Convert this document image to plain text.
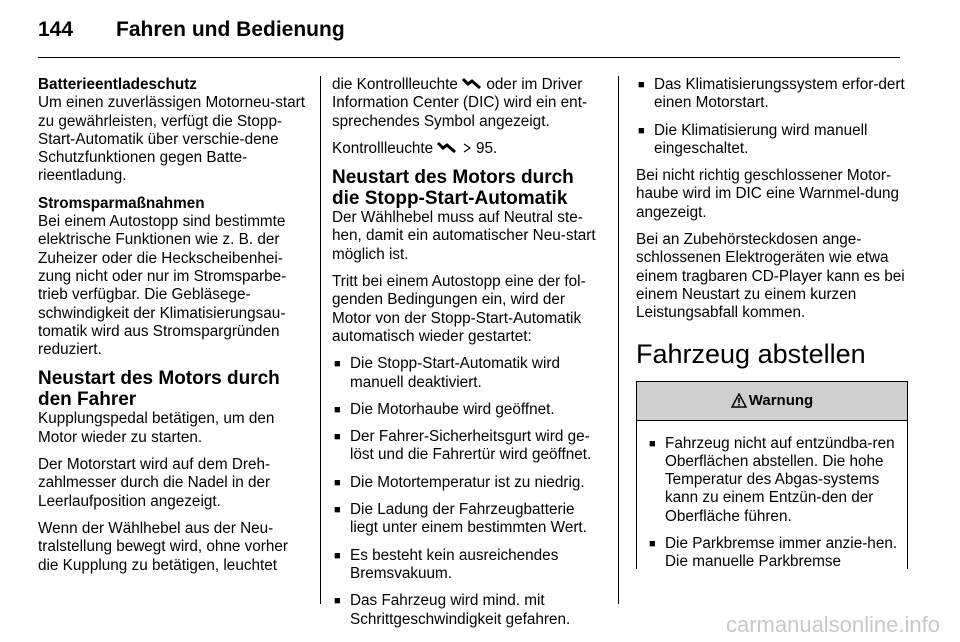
144 Fahren und Bedienung
Batterieentladeschutz

Um einen zuverlässigen Motorneu-start zu gewährleisten, verfügt die Stopp-Start-Automatik über verschie-dene Schutzfunktionen gegen Batte-rieentladung.

Stromsparmaßnahmen

Bei einem Autostopp sind bestimmte elektrische Funktionen wie z. B. der Zuheizer oder die Heckscheibenhei-zung nicht oder nur im Stromsparbe-trieb verfügbar. Die Gebläsege-schwindigkeit der Klimatisierungsau-tomatik wird aus Stromspargründen reduziert.

Neustart des Motors durch den Fahrer

Kupplungspedal betätigen, um den Motor wieder zu starten.

Der Motorstart wird auf dem Dreh-zahlmesser durch die Nadel in der Leerlaufposition angezeigt.

Wenn der Wählhebel aus der Neu-tralstellung bewegt wird, ohne vorher die Kupplung zu betätigen, leuchtet

die Kontrollleuchte oder im Driver Information Center (DIC) wird ein ent-sprechendes Symbol angezeigt.

Kontrollleuchte	95.

Neustart des Motors durch die Stopp-Start-Automatik

Der Wählhebel muss auf Neutral ste-hen, damit ein automatischer Neu-start möglich ist.

Tritt bei einem Autostopp eine der fol-genden Bedingungen ein, wird der Motor von der Stopp-Start-Automatik automatisch wieder gestartet:

■ Die Stopp-Start-Automatik wird manuell deaktiviert.
■ Die Motorhaube wird geöffnet.
■ Der Fahrer-Sicherheitsgurt wird ge-löst und die Fahrertür wird geöffnet.
■ Die Motortemperatur ist zu niedrig.
■ Die Ladung der Fahrzeugbatterie liegt unter einem bestimmten Wert.
■ Es besteht kein ausreichendes Bremsvakuum.
■ Das Fahrzeug wird mind. mit Schrittgeschwindigkeit gefahren.
■ Das Klimatisierungssystem erfor-dert einen Motorstart.
■ Die Klimatisierung wird manuell eingeschaltet.

Bei nicht richtig geschlossener Motor-haube wird im DIC eine Warnmel-dung angezeigt.

Bei an Zubehörsteckdosen ange-schlossenen Elektrogeräten wie etwa einem tragbaren CD-Player kann es bei einem Neustart zu einem kurzen Leistungsabfall kommen.

Fahrzeug abstellen
Warnung
■ Fahrzeug nicht auf entzündba-ren Oberflächen abstellen. Die hohe Temperatur des Abgas-systems kann zu einem Entzün-den der Oberfläche führen.
■ Die Parkbremse immer anzie-hen. Die manuelle Parkbremse
carmanualsonline.info
